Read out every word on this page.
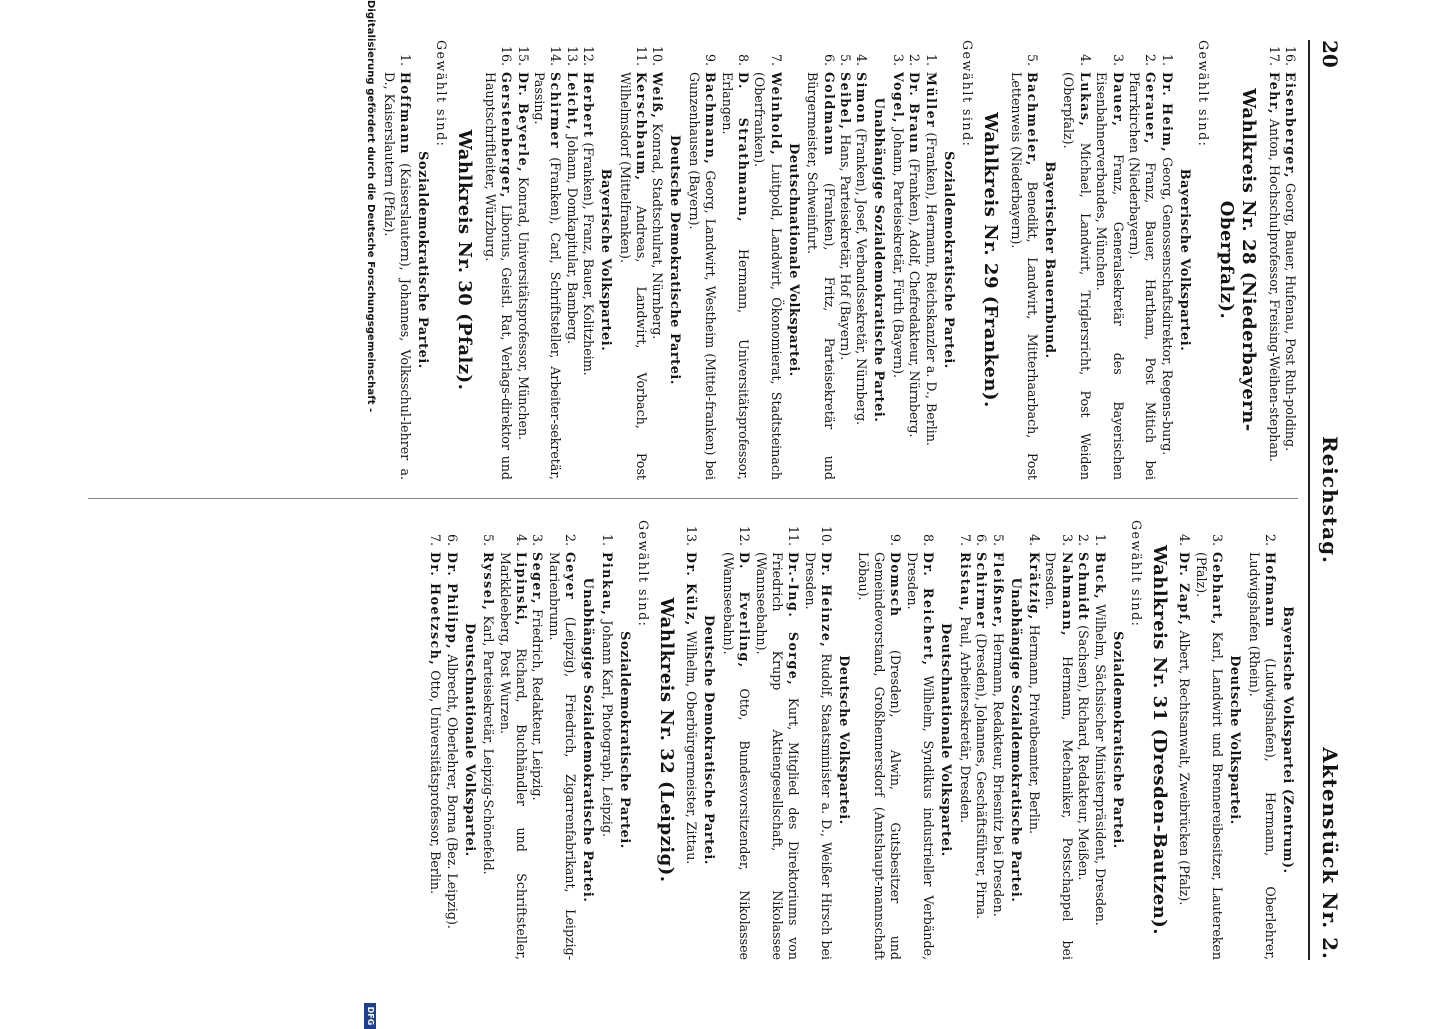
20
Reichstag.
Aktenstück Nr. 2.
16.
Eisenberger, Georg, Bauer, Hufenau, Post Ruh-polding.
17.
Fehr, Anton, Hochschulprofessor, Freising-Weihen-stephan.
Wahlkreis Nr. 28 (Niederbayern-Oberpfalz).
Gewählt sind:
Bayerische Volkspartei.
1.
Dr. Heim, Georg, Genossenschaftsdirektor, Regens-burg.
2.
Gerauer, Franz, Bauer, Hartham, Post Mitich bei Pfarrkirchen (Niederbayern).
3.
Dauer, Franz, Generalsekretär des Bayerischen Eisenbahnerverbandes, München.
4.
Lukas, Michael, Landwirt, Triglersricht, Post Weiden (Oberpfalz).
Bayerischer Bauernbund.
5.
Bachmeier, Benedikt, Landwirt, Mitterhaarbach, Post Lettenweis (Niederbayern).
Wahlkreis Nr. 29 (Franken).
Gewählt sind:
Sozialdemokratische Partei.
1.
Müller (Franken), Hermann, Reichskanzler a. D., Berlin.
2.
Dr. Braun (Franken), Adolf, Chefredakteur, Nürnberg.
3.
Vogel, Johann, Parteisekretär, Fürth (Bayern).
Unabhängige Sozialdemokratische Partei.
4.
Simon (Franken), Josef, Verbandssekretär, Nürnberg.
5.
Seibel, Hans, Parteisekretär, Hof (Bayern).
6.
Goldmann (Franken), Fritz, Parteisekretär und Bürgermeister, Schweinfurt.
Deutschnationale Volkspartei.
7.
Weinhold, Luitpold, Landwirt, Ökonomierat, Stadtsteinach (Oberfranken).
8.
D. Strathmann, Hermann, Universitätsprofessor, Erlangen.
9.
Bachmann, Georg, Landwirt, Westheim (Mittel-franken) bei Gunzenhausen (Bayern).
Deutsche Demokratische Partei.
10.
Weiß, Konrad, Stadtschulrat, Nürnberg.
11.
Kerschbaum, Andreas, Landwirt, Vorbach, Post Wilhelmsdorf (Mittelfranken).
Bayerische Volkspartei.
12.
Herbert (Franken), Franz, Bauer, Kolitzheim.
13.
Leicht, Johann, Domkapitular, Bamberg.
14.
Schirmer (Franken), Carl, Schriftsteller, Arbeiter-sekretär, Passing.
15.
Dr. Beyerle, Konrad, Universitätsprofessor, München.
16.
Gerstenberger, Liborius, Geistl. Rat, Verlags-direktor und Hauptschriftleiter, Würzburg.
Wahlkreis Nr. 30 (Pfalz).
Gewählt sind:
Sozialdemokratische Partei.
1.
Hoffmann (Kaiserslautern), Johannes, Volksschul-lehrer a. D., Kaiserslautern (Pfalz).
Bayerische Volkspartei (Zentrum).
2.
Hofmann (Ludwigshafen), Hermann, Oberlehrer, Ludwigshafen (Rhein).
Deutsche Volkspartei.
3.
Gebhart, Karl, Landwirt und Brennereibesitzer, Lautereken (Pfalz).
4.
Dr. Zapf, Albert, Rechtsanwalt, Zweibrücken (Pfalz).
Wahlkreis Nr. 31 (Dresden-Bautzen).
Gewählt sind:
Sozialdemokratische Partei.
1.
Buck, Wilhelm, Sächsischer Ministerpräsident, Dresden.
2.
Schmidt (Sachsen), Richard, Redakteur, Meißen.
3.
Nahmann, Hermann, Mechaniker, Postschappel bei Dresden.
4.
Krätzig, Hermann, Privatbeamter, Berlin.
Unabhängige Sozialdemokratische Partei.
5.
Fleißner, Hermann, Redakteur, Briesnitz bei Dresden.
6.
Schirmer (Dresden), Johannes, Geschäftsführer, Pirna.
7.
Ristau, Paul, Arbeitersekretär, Dresden.
Deutschnationale Volkspartei.
8.
Dr. Reichert, Wilhelm, Syndikus industrieller Verbände, Dresden.
9.
Domsch (Dresden), Alwin, Gutsbesitzer und Gemeindevorstand, Großhennersdorf (Amtshaupt-mannschaft Löbau).
Deutsche Volkspartei.
10.
Dr. Heinze, Rudolf, Staatsminister a. D., Weißer Hirsch bei Dresden.
11.
Dr.-Ing. Sorge, Kurt, Mitglied des Direktoriums von Friedrich Krupp Aktiengesellschaft, Nikolassee (Wannseebahn).
12.
D. Everling, Otto, Bundesvorsitzender, Nikolassee (Wannseebahn).
Deutsche Demokratische Partei.
13.
Dr. Külz, Wilhelm, Oberbürgermeister, Zittau.
Wahlkreis Nr. 32 (Leipzig).
Gewählt sind:
Sozialdemokratische Partei.
1.
Pinkau, Johann Karl, Photograph, Leipzig.
Unabhängige Sozialdemokratische Partei.
2.
Geyer (Leipzig), Friedrich, Zigarrenfabrikant, Leipzig-Marienbrunn.
3.
Seger, Friedrich, Redakteur, Leipzig.
4.
Lipinski, Richard, Buchhändler und Schriftsteller, Markkleeberg, Post Wurzen.
5.
Ryssel, Karl, Parteisekretär, Leipzig-Schönefeld.
Deutschnationale Volkspartei.
6.
Dr. Philipp, Albrecht, Oberlehrer, Borna (Bez. Leipzig).
7.
Dr. Hoetzsch, Otto, Universitätsprofessor, Berlin.
Digitalisierung gefördert durch die Deutsche Forschungsgemeinschaft -
DFG
